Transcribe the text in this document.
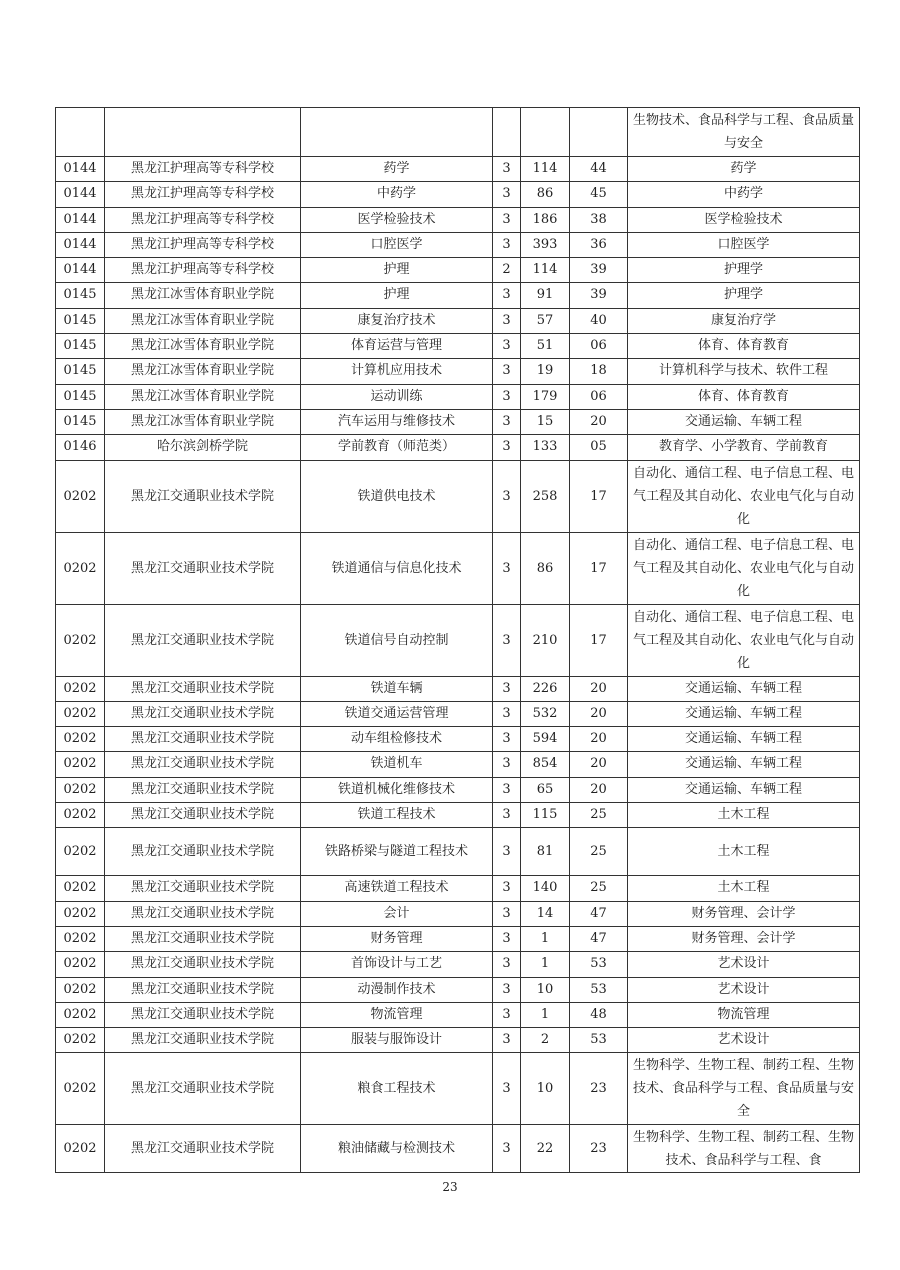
						生物技术、食品科学与工程、食品质量与安全
0144	黑龙江护理高等专科学校	药学	3	114	44	药学
0144	黑龙江护理高等专科学校	中药学	3	86	45	中药学
0144	黑龙江护理高等专科学校	医学检验技术	3	186	38	医学检验技术
0144	黑龙江护理高等专科学校	口腔医学	3	393	36	口腔医学
0144	黑龙江护理高等专科学校	护理	2	114	39	护理学
0145	黑龙江冰雪体育职业学院	护理	3	91	39	护理学
0145	黑龙江冰雪体育职业学院	康复治疗技术	3	57	40	康复治疗学
0145	黑龙江冰雪体育职业学院	体育运营与管理	3	51	06	体育、体育教育
0145	黑龙江冰雪体育职业学院	计算机应用技术	3	19	18	计算机科学与技术、软件工程
0145	黑龙江冰雪体育职业学院	运动训练	3	179	06	体育、体育教育
0145	黑龙江冰雪体育职业学院	汽车运用与维修技术	3	15	20	交通运输、车辆工程
0146	哈尔滨剑桥学院	学前教育（师范类）	3	133	05	教育学、小学教育、学前教育
0202	黑龙江交通职业技术学院	铁道供电技术	3	258	17	自动化、通信工程、电子信息工程、电气工程及其自动化、农业电气化与自动化
0202	黑龙江交通职业技术学院	铁道通信与信息化技术	3	86	17	自动化、通信工程、电子信息工程、电气工程及其自动化、农业电气化与自动化
0202	黑龙江交通职业技术学院	铁道信号自动控制	3	210	17	自动化、通信工程、电子信息工程、电气工程及其自动化、农业电气化与自动化
0202	黑龙江交通职业技术学院	铁道车辆	3	226	20	交通运输、车辆工程
0202	黑龙江交通职业技术学院	铁道交通运营管理	3	532	20	交通运输、车辆工程
0202	黑龙江交通职业技术学院	动车组检修技术	3	594	20	交通运输、车辆工程
0202	黑龙江交通职业技术学院	铁道机车	3	854	20	交通运输、车辆工程
0202	黑龙江交通职业技术学院	铁道机械化维修技术	3	65	20	交通运输、车辆工程
0202	黑龙江交通职业技术学院	铁道工程技术	3	115	25	土木工程
0202	黑龙江交通职业技术学院	铁路桥梁与隧道工程技术	3	81	25	土木工程
0202	黑龙江交通职业技术学院	高速铁道工程技术	3	140	25	土木工程
0202	黑龙江交通职业技术学院	会计	3	14	47	财务管理、会计学
0202	黑龙江交通职业技术学院	财务管理	3	1	47	财务管理、会计学
0202	黑龙江交通职业技术学院	首饰设计与工艺	3	1	53	艺术设计
0202	黑龙江交通职业技术学院	动漫制作技术	3	10	53	艺术设计
0202	黑龙江交通职业技术学院	物流管理	3	1	48	物流管理
0202	黑龙江交通职业技术学院	服装与服饰设计	3	2	53	艺术设计
0202	黑龙江交通职业技术学院	粮食工程技术	3	10	23	生物科学、生物工程、制药工程、生物技术、食品科学与工程、食品质量与安全
0202	黑龙江交通职业技术学院	粮油储藏与检测技术	3	22	23	生物科学、生物工程、制药工程、生物技术、食品科学与工程、食
23
